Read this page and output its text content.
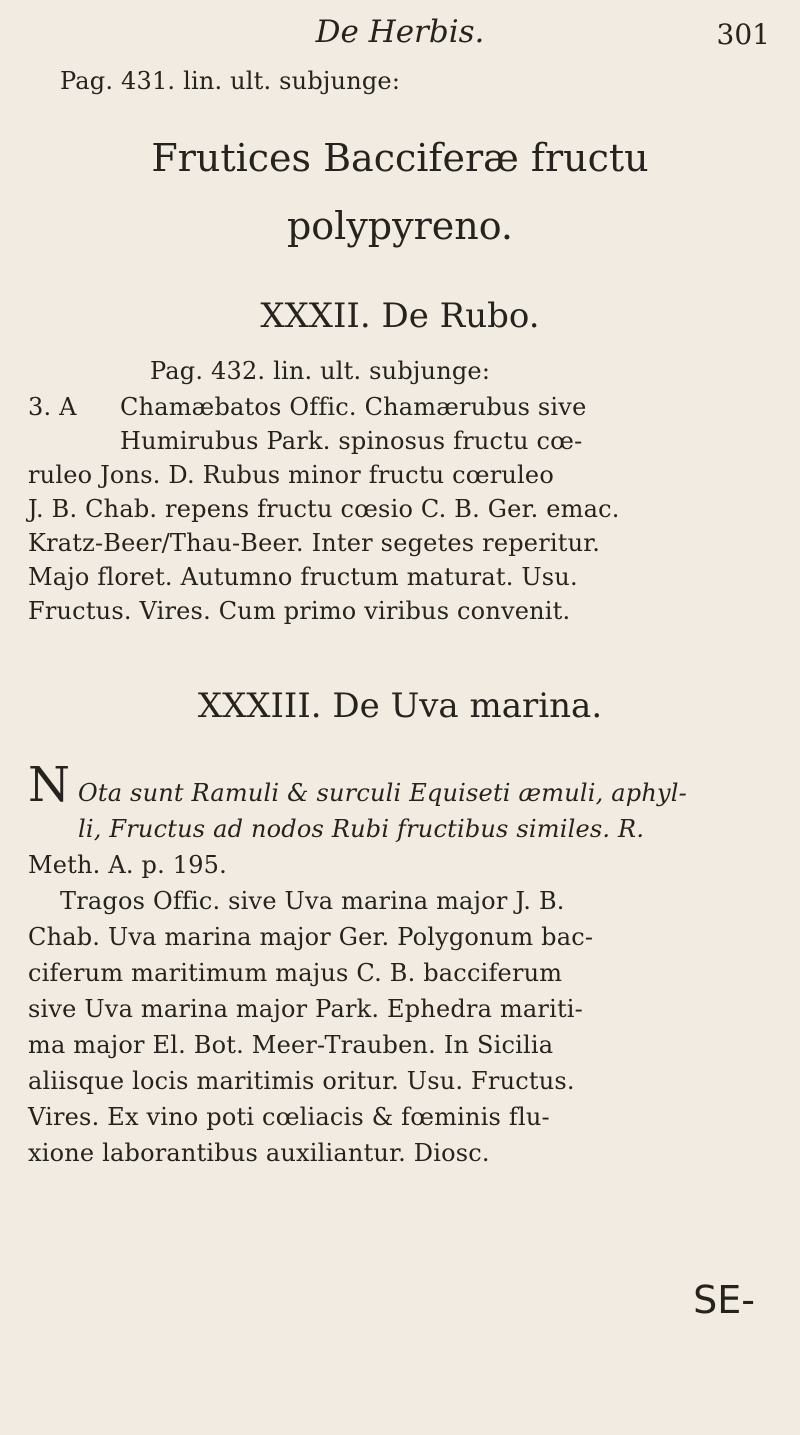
De Herbis.	301
Pag. 431. lin. ult. subjunge:
Frutices Bacciferæ fructu
polypyreno.
XXXII. De Rubo.
Pag. 432. lin. ult. subjunge:
3. A	Chamæbatos Offic. Chamærubus sive
Humirubus Park. spinosus fructu cœ-
ruleo Jons. D. Rubus minor fructu cœruleo
J. B. Chab. repens fructu cœsio C. B. Ger. emac.
Kratz-Beer/Thau-Beer. Inter segetes reperitur.
Majo floret. Autumno fructum maturat. Usu.
Fructus. Vires. Cum primo viribus convenit.
XXXIII. De Uva marina.
N Ota sunt Ramuli & surculi Equiseti æmuli, aphyl-
li, Fructus ad nodos Rubi fructibus similes. R.
Meth. A. p. 195.
Tragos Offic. sive Uva marina major J. B.
Chab. Uva marina major Ger. Polygonum bac-
ciferum maritimum majus C. B. bacciferum
sive Uva marina major Park. Ephedra mariti-
ma major El. Bot. Meer-Trauben. In Sicilia
aliisque locis maritimis oritur. Usu. Fructus.
Vires. Ex vino poti cœliacis & fœminis flu-
xione laborantibus auxiliantur. Diosc.
SE-
